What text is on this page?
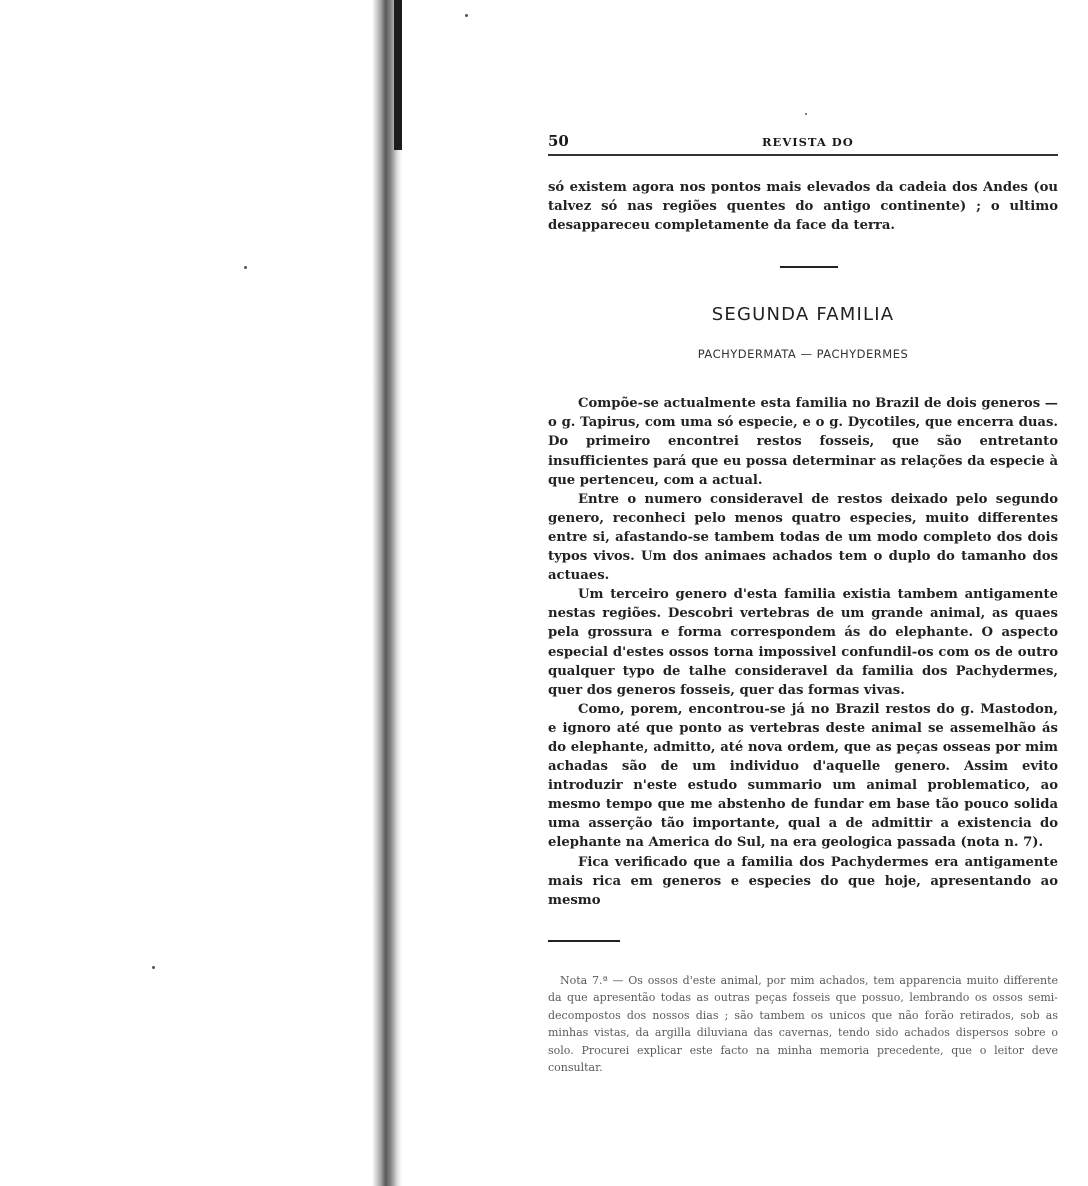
50	REVISTA DO

só existem agora nos pontos mais elevados da cadeia dos Andes (ou talvez só nas regiões quentes do antigo continente) ; o ultimo desappareceu completamente da face da terra.

SEGUNDA FAMILIA
PACHYDERMATA — PACHYDERMES

Compõe-se actualmente esta familia no Brazil de dois generos — o g. Tapirus, com uma só especie, e o g. Dycotiles, que encerra duas. Do primeiro encontrei restos fosseis, que são entretanto insufficientes pará que eu possa determinar as relações da especie à que pertenceu, com a actual.

Entre o numero consideravel de restos deixado pelo segundo genero, reconheci pelo menos quatro especies, muito differentes entre si, afastando-se tambem todas de um modo completo dos dois typos vivos. Um dos animaes achados tem o duplo do tamanho dos actuaes.

Um terceiro genero d'esta familia existia tambem antigamente nestas regiões. Descobri vertebras de um grande animal, as quaes pela grossura e forma correspondem ás do elephante. O aspecto especial d'estes ossos torna impossivel confundil-os com os de outro qualquer typo de talhe consideravel da familia dos Pachydermes, quer dos generos fosseis, quer das formas vivas.

Como, porem, encontrou-se já no Brazil restos do g. Mastodon, e ignoro até que ponto as vertebras deste animal se assemelhão ás do elephante, admitto, até nova ordem, que as peças osseas por mim achadas são de um individuo d'aquelle genero. Assim evito introduzir n'este estudo summario um animal problematico, ao mesmo tempo que me abstenho de fundar em base tão pouco solida uma asserção tão importante, qual a de admittir a existencia do elephante na America do Sul, na era geologica passada (nota n. 7).

Fica verificado que a familia dos Pachydermes era antigamente mais rica em generos e especies do que hoje, apresentando ao mesmo

Nota 7.ª — Os ossos d'este animal, por mim achados, tem apparencia muito differente da que apresentão todas as outras peças fosseis que possuo, lembrando os ossos semi-decompostos dos nossos dias ; são tambem os unicos que não forão retirados, sob as minhas vistas, da argilla diluviana das cavernas, tendo sido achados dispersos sobre o solo. Procurei explicar este facto na minha memoria precedente, que o leitor deve consultar.
